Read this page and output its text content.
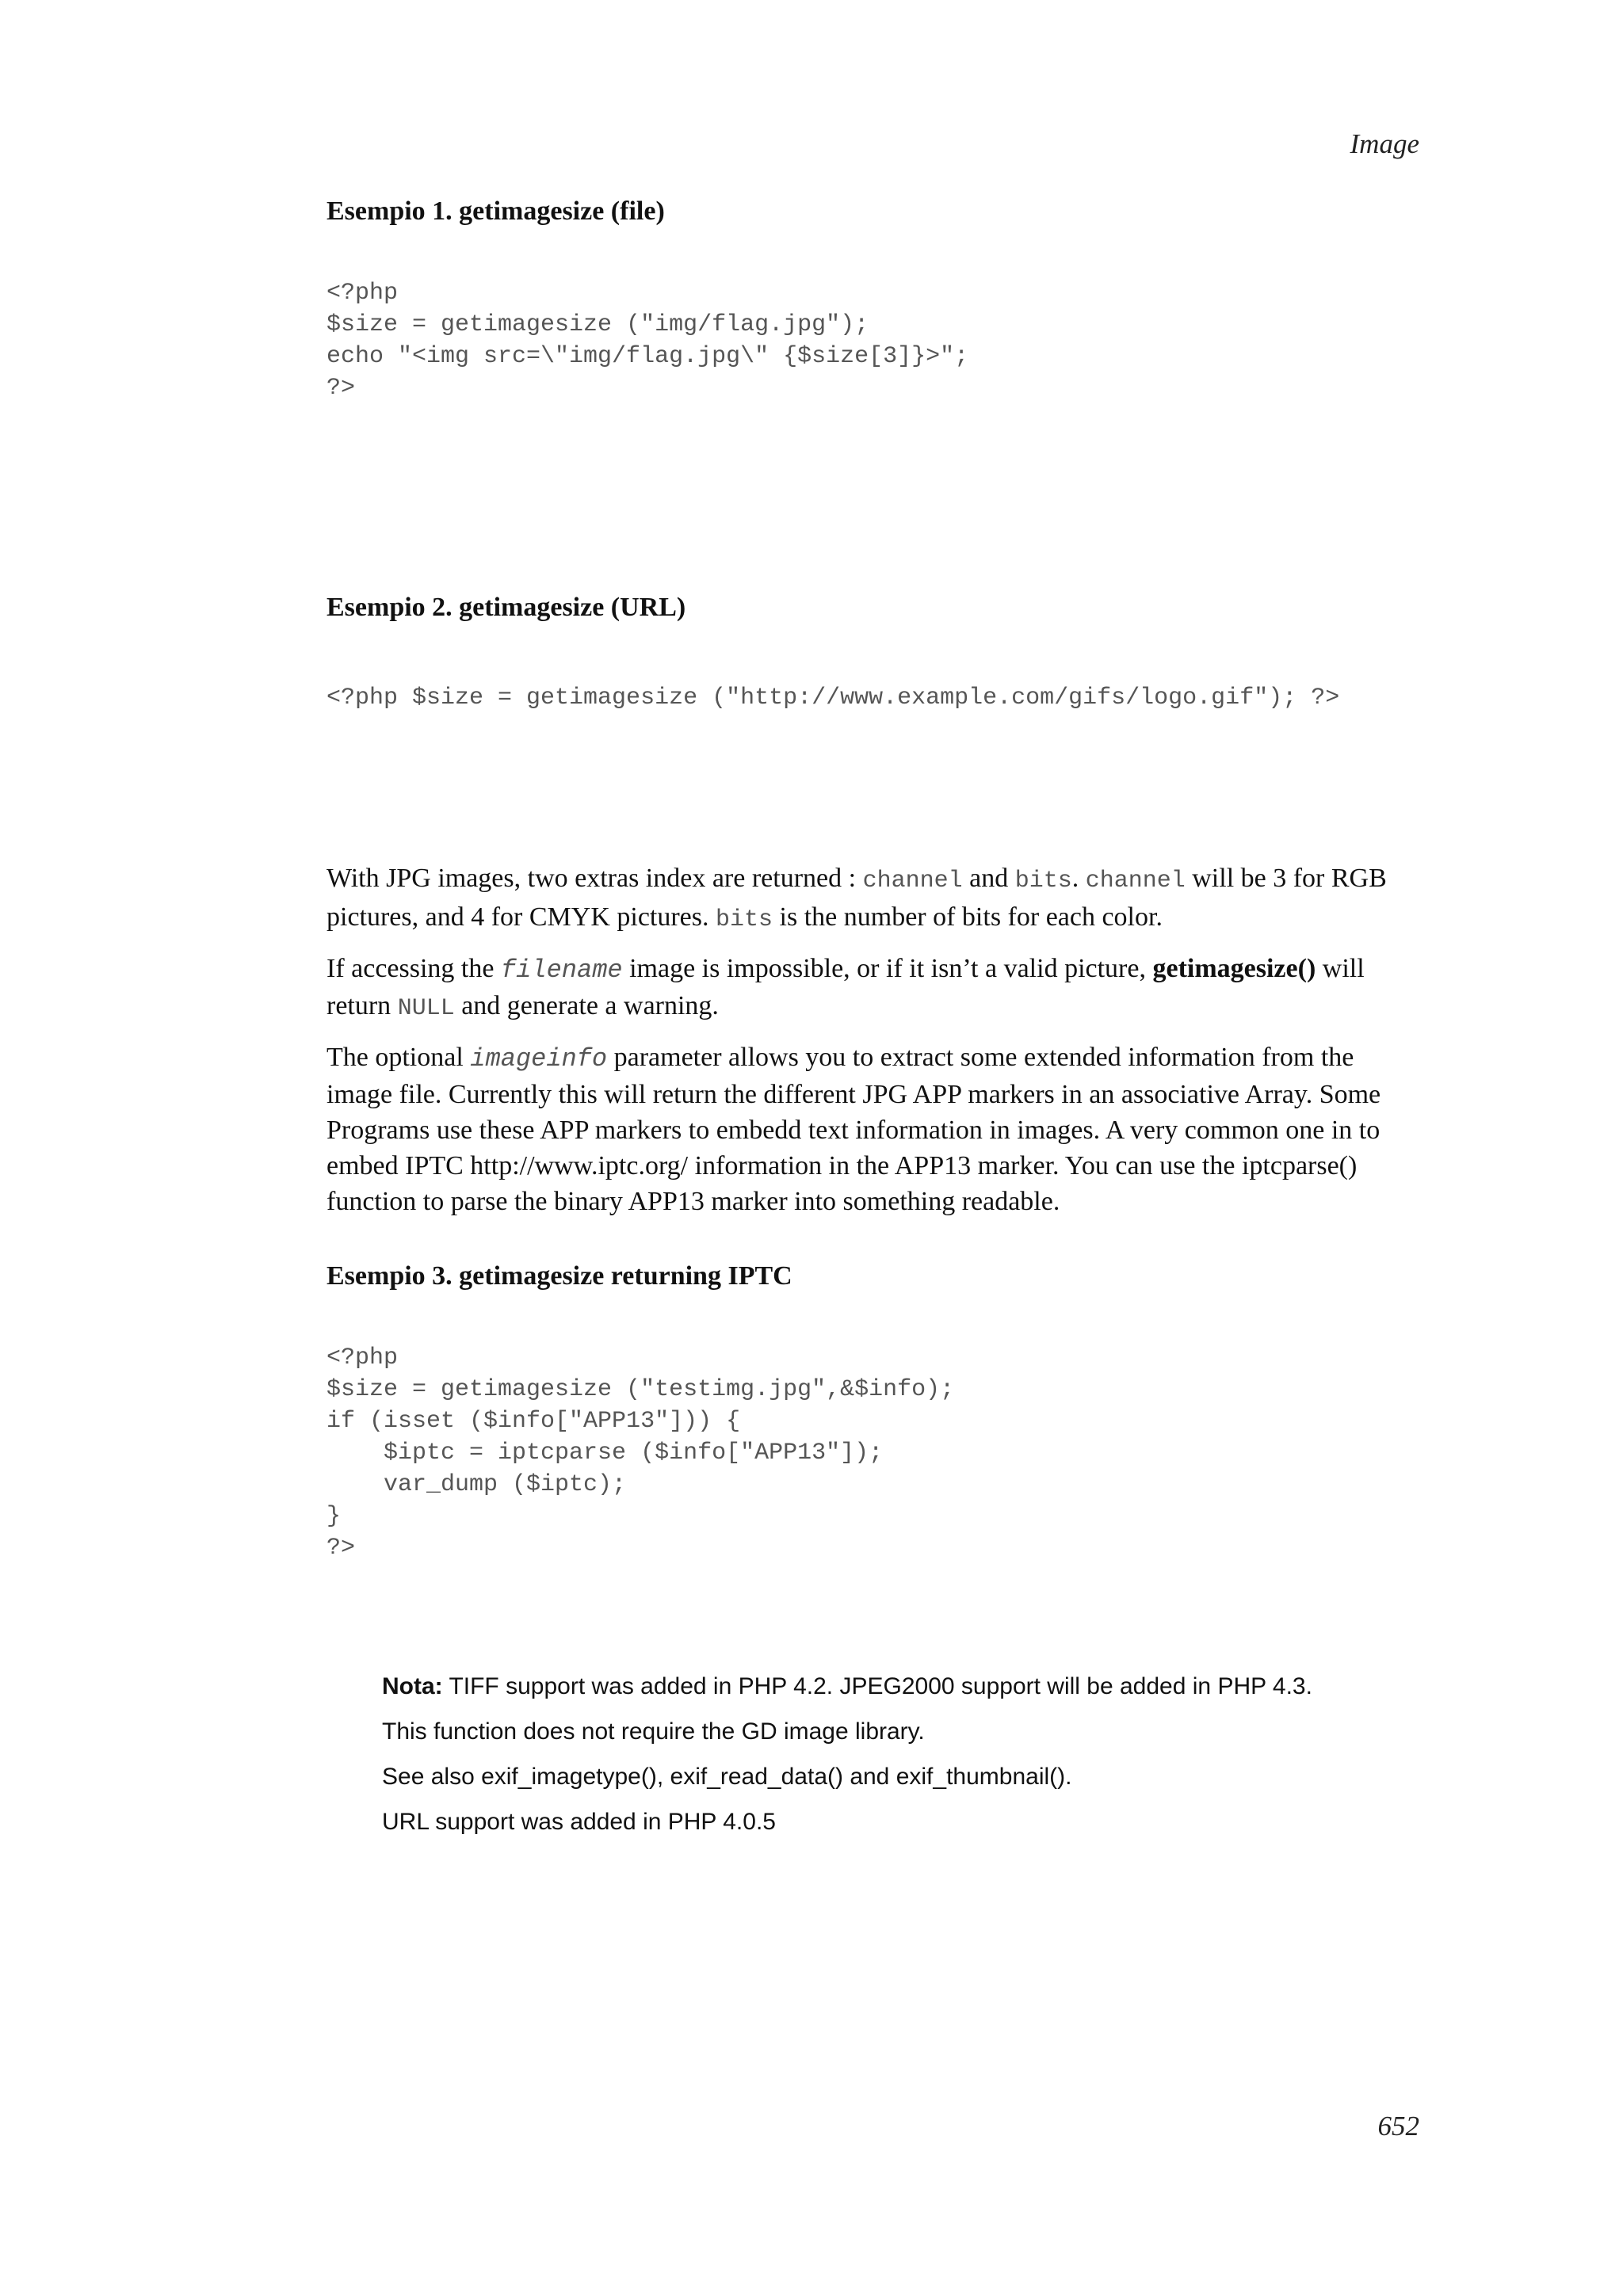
Image
Esempio 1. getimagesize (file)
<?php
$size = getimagesize ("img/flag.jpg");
echo "<img src=\"img/flag.jpg\" {$size[3]}>";
?>
Esempio 2. getimagesize (URL)
<?php $size = getimagesize ("http://www.example.com/gifs/logo.gif"); ?>

With JPG images, two extras index are returned : channel and bits. channel will be 3 for RGB pictures, and 4 for CMYK pictures. bits is the number of bits for each color.

If accessing the filename image is impossible, or if it isn’t a valid picture, getimagesize() will return NULL and generate a warning.

The optional imageinfo parameter allows you to extract some extended information from the image file. Currently this will return the different JPG APP markers in an associative Array. Some Programs use these APP markers to embedd text information in images. A very common one in to embed IPTC http://www.iptc.org/ information in the APP13 marker. You can use the iptcparse() function to parse the binary APP13 marker into something readable.

Esempio 3. getimagesize returning IPTC
<?php
$size = getimagesize ("testimg.jpg",&$info);
if (isset ($info["APP13"])) {
$iptc = iptcparse ($info["APP13"]);
var_dump ($iptc);
}
?>

Nota: TIFF support was added in PHP 4.2. JPEG2000 support will be added in PHP 4.3.

This function does not require the GD image library.

See also exif_imagetype(), exif_read_data() and exif_thumbnail().

URL support was added in PHP 4.0.5

652
